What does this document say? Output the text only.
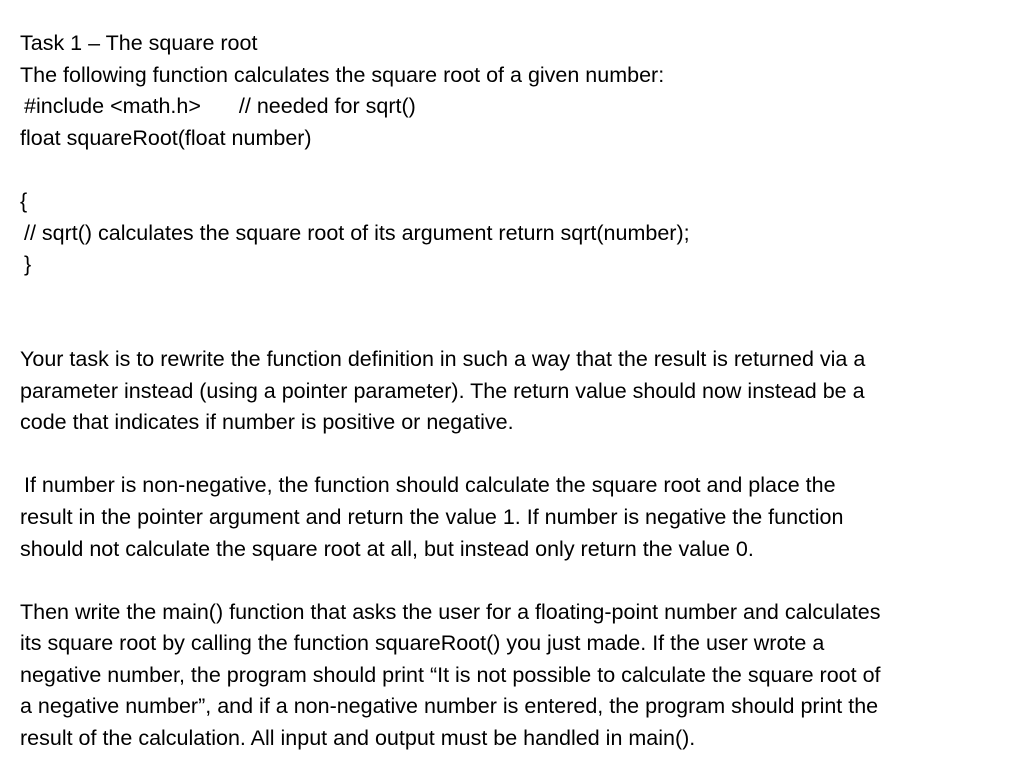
Task 1 – The square root
The following function calculates the square root of a given number:
#include <math.h> // needed for sqrt()
float squareRoot(float number)
{
// sqrt() calculates the square root of its argument return sqrt(number);
}
Your task is to rewrite the function definition in such a way that the result is returned via a
parameter instead (using a pointer parameter). The return value should now instead be a
code that indicates if number is positive or negative.
If number is non-negative, the function should calculate the square root and place the
result in the pointer argument and return the value 1. If number is negative the function
should not calculate the square root at all, but instead only return the value 0.
Then write the main() function that asks the user for a floating-point number and calculates
its square root by calling the function squareRoot() you just made. If the user wrote a
negative number, the program should print “It is not possible to calculate the square root of
a negative number”, and if a non-negative number is entered, the program should print the
result of the calculation. All input and output must be handled in main().
